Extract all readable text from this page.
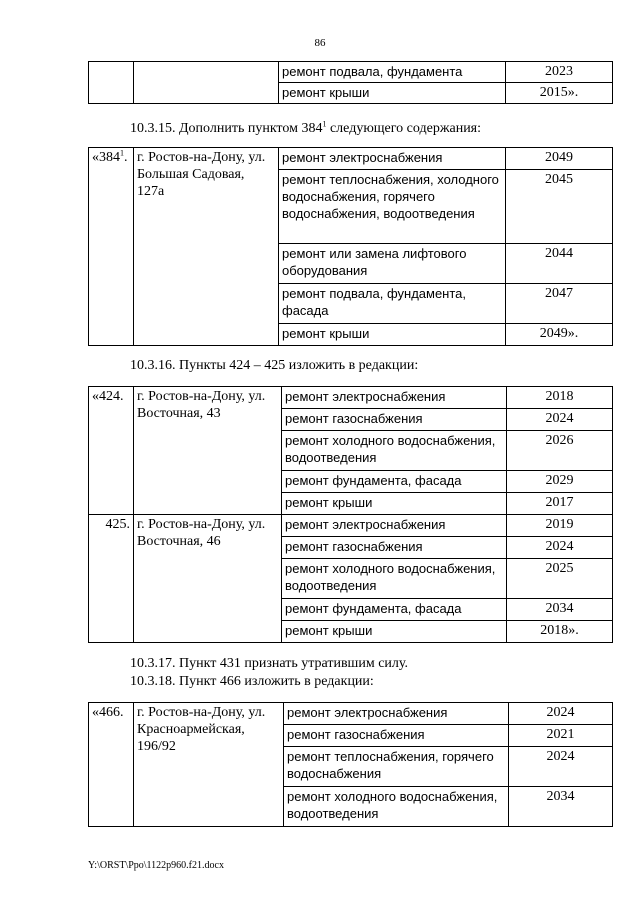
86
		ремонт подвала, фундамента	2023
		ремонт крыши	2015».
10.3.15. Дополнить пунктом $384^1$ следующего содержания:
«$384^1$.	г. Ростов-на-Дону, ул. Большая Садовая, 127а	ремонт электроснабжения	2049
		ремонт теплоснабжения, холодного водоснабжения, горячего водоснабжения, водоотведения	2045
		ремонт или замена лифтового оборудования	2044
		ремонт подвала, фундамента, фасада	2047
		ремонт крыши	2049».
10.3.16. Пункты 424 – 425 изложить в редакции:
«424.	г. Ростов-на-Дону, ул. Восточная, 43	ремонт электроснабжения	2018
		ремонт газоснабжения	2024
		ремонт холодного водоснабжения, водоотведения	2026
		ремонт фундамента, фасада	2029
		ремонт крыши	2017
425.	г. Ростов-на-Дону, ул. Восточная, 46	ремонт электроснабжения	2019
		ремонт газоснабжения	2024
		ремонт холодного водоснабжения, водоотведения	2025
		ремонт фундамента, фасада	2034
		ремонт крыши	2018».
10.3.17. Пункт 431 признать утратившим силу.
10.3.18. Пункт 466 изложить в редакции:
«466.	г. Ростов-на-Дону, ул. Красноармейская, 196/92	ремонт электроснабжения	2024
		ремонт газоснабжения	2021
		ремонт теплоснабжения, горячего водоснабжения	2024
		ремонт холодного водоснабжения, водоотведения	2034
Y:\ORST\Ppo\1122p960.f21.docx
